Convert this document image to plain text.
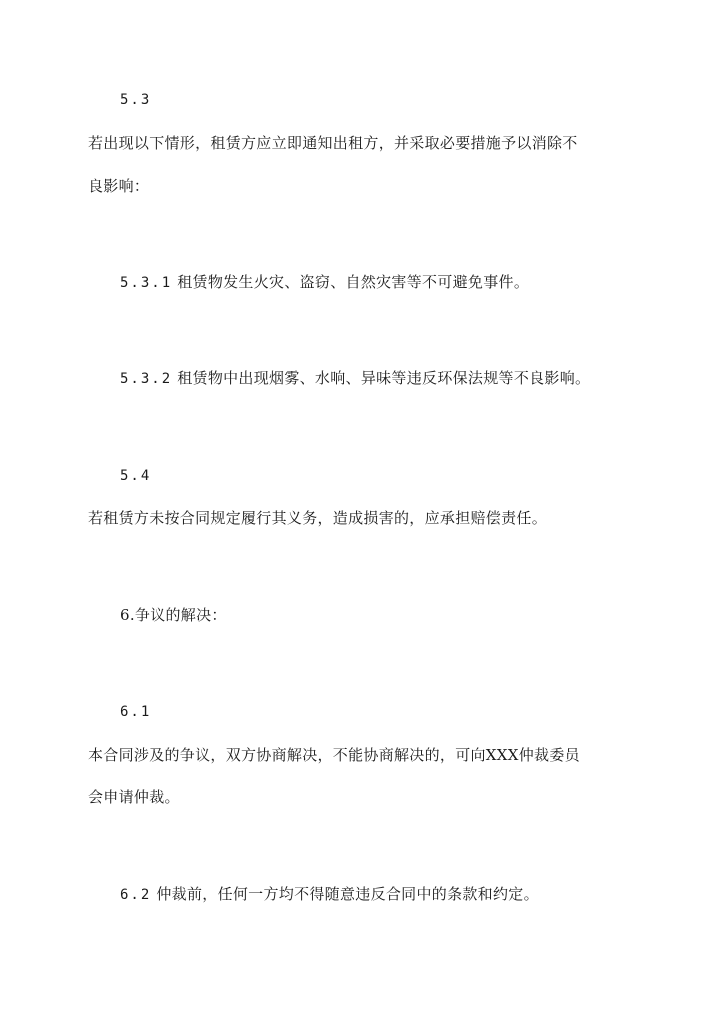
5.3
若出现以下情形，租赁方应立即通知出租方，并采取必要措施予以消除不
良影响：
5.3.1 租赁物发生火灾、盗窃、自然灾害等不可避免事件。
5.3.2 租赁物中出现烟雾、水响、异味等违反环保法规等不良影响。
5.4
若租赁方未按合同规定履行其义务，造成损害的，应承担赔偿责任。
6.争议的解决：
6.1
本合同涉及的争议，双方协商解决，不能协商解决的，可向XXX仲裁委员
会申请仲裁。
6.2 仲裁前，任何一方均不得随意违反合同中的条款和约定。
